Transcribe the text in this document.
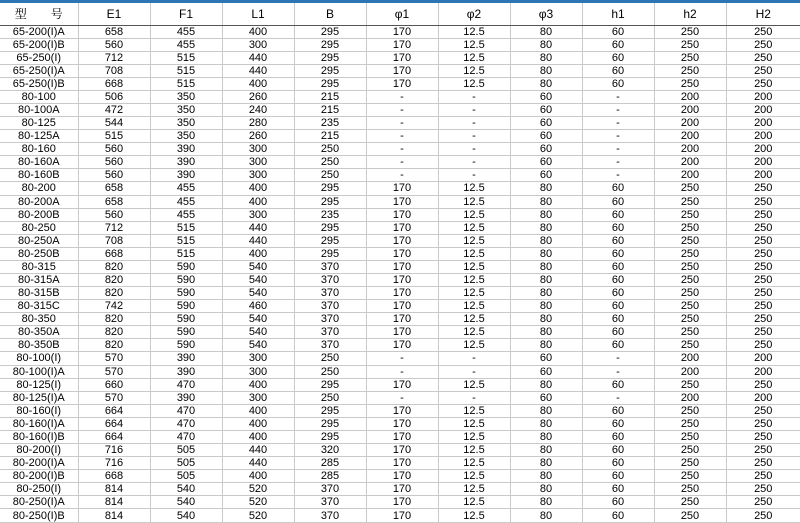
型　　号	E1	F1	L1	B	φ1	φ2	φ3	h1	h2	H2
65-200(I)A	658	455	400	295	170	12.5	80	60	250	250
65-200(I)B	560	455	300	295	170	12.5	80	60	250	250
65-250(I)	712	515	440	295	170	12.5	80	60	250	250
65-250(I)A	708	515	440	295	170	12.5	80	60	250	250
65-250(I)B	668	515	400	295	170	12.5	80	60	250	250
80-100	506	350	260	215	-	-	60	-	200	200
80-100A	472	350	240	215	-	-	60	-	200	200
80-125	544	350	280	235	-	-	60	-	200	200
80-125A	515	350	260	215	-	-	60	-	200	200
80-160	560	390	300	250	-	-	60	-	200	200
80-160A	560	390	300	250	-	-	60	-	200	200
80-160B	560	390	300	250	-	-	60	-	200	200
80-200	658	455	400	295	170	12.5	80	60	250	250
80-200A	658	455	400	295	170	12.5	80	60	250	250
80-200B	560	455	300	235	170	12.5	80	60	250	250
80-250	712	515	440	295	170	12.5	80	60	250	250
80-250A	708	515	440	295	170	12.5	80	60	250	250
80-250B	668	515	400	295	170	12.5	80	60	250	250
80-315	820	590	540	370	170	12.5	80	60	250	250
80-315A	820	590	540	370	170	12.5	80	60	250	250
80-315B	820	590	540	370	170	12.5	80	60	250	250
80-315C	742	590	460	370	170	12.5	80	60	250	250
80-350	820	590	540	370	170	12.5	80	60	250	250
80-350A	820	590	540	370	170	12.5	80	60	250	250
80-350B	820	590	540	370	170	12.5	80	60	250	250
80-100(I)	570	390	300	250	-	-	60	-	200	200
80-100(I)A	570	390	300	250	-	-	60	-	200	200
80-125(I)	660	470	400	295	170	12.5	80	60	250	250
80-125(I)A	570	390	300	250	-	-	60	-	200	200
80-160(I)	664	470	400	295	170	12.5	80	60	250	250
80-160(I)A	664	470	400	295	170	12.5	80	60	250	250
80-160(I)B	664	470	400	295	170	12.5	80	60	250	250
80-200(I)	716	505	440	320	170	12.5	80	60	250	250
80-200(I)A	716	505	440	285	170	12.5	80	60	250	250
80-200(I)B	668	505	400	285	170	12.5	80	60	250	250
80-250(I)	814	540	520	370	170	12.5	80	60	250	250
80-250(I)A	814	540	520	370	170	12.5	80	60	250	250
80-250(I)B	814	540	520	370	170	12.5	80	60	250	250
